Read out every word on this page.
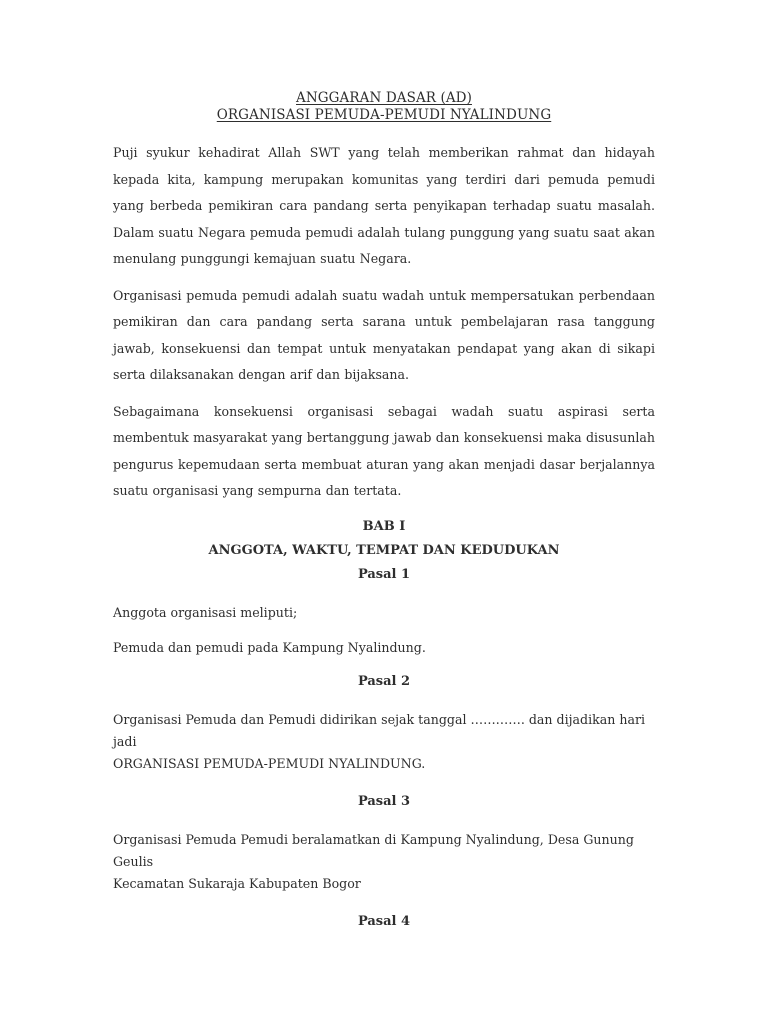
ANGGARAN DASAR (AD)
ORGANISASI PEMUDA-PEMUDI NYALINDUNG

Puji syukur kehadirat Allah SWT yang telah memberikan rahmat dan hidayah kepada kita, kampung merupakan komunitas yang terdiri dari pemuda pemudi yang berbeda pemikiran cara pandang serta penyikapan terhadap suatu masalah. Dalam suatu Negara pemuda pemudi adalah tulang punggung yang suatu saat akan menulang punggungi kemajuan suatu Negara.

Organisasi pemuda pemudi adalah suatu wadah untuk mempersatukan perbendaan pemikiran dan cara pandang serta sarana untuk pembelajaran rasa tanggung jawab, konsekuensi dan tempat untuk menyatakan pendapat yang akan di sikapi serta dilaksanakan dengan arif dan bijaksana.

Sebagaimana konsekuensi organisasi sebagai wadah suatu aspirasi serta membentuk masyarakat yang bertanggung jawab dan konsekuensi maka disusunlah pengurus kepemudaan serta membuat aturan yang akan menjadi dasar berjalannya suatu organisasi yang sempurna dan tertata.

BAB I

ANGGOTA, WAKTU, TEMPAT DAN KEDUDUKAN

Pasal 1

Anggota organisasi meliputi;

Pemuda dan pemudi pada Kampung Nyalindung.

Pasal 2

Organisasi Pemuda dan Pemudi didirikan sejak tanggal …………. dan dijadikan hari jadi

ORGANISASI PEMUDA-PEMUDI NYALINDUNG.

Pasal 3

Organisasi Pemuda Pemudi beralamatkan di Kampung Nyalindung, Desa Gunung Geulis

Kecamatan Sukaraja Kabupaten Bogor

Pasal 4
